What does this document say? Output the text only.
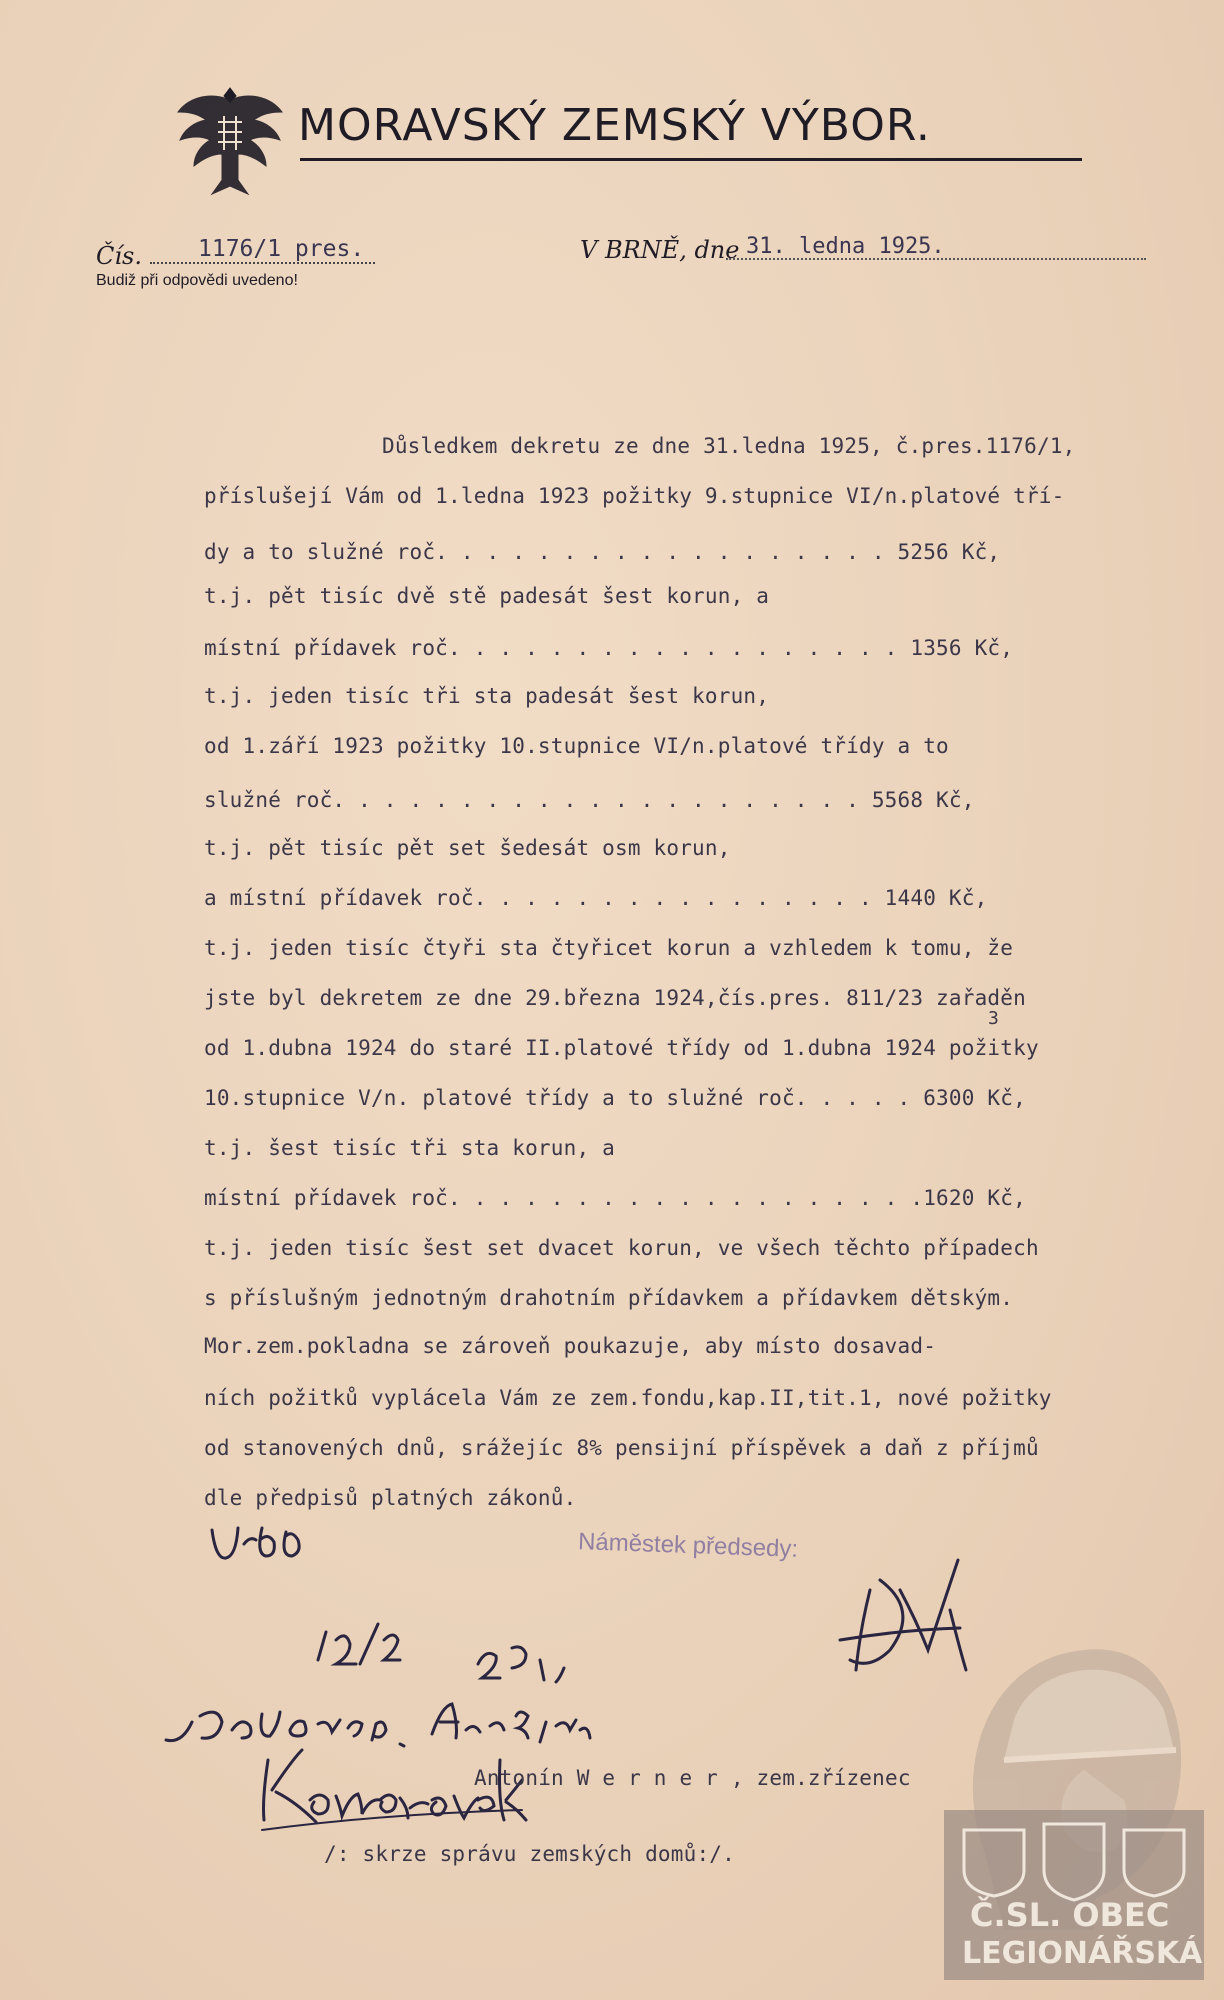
MORAVSKÝ ZEMSKÝ VÝBOR.
Čís. 1176/1 pres.
Budiž při odpovědi uvedeno!
V BRNĚ, dne 31. ledna 1925.
Důsledkem dekretu ze dne 31.ledna 1925, č.pres.1176/1,
příslušejí Vám od 1.ledna 1923 požitky 9.stupnice VI/n.platové tří-
dy a to služné roč. . . . . . . . . . . . . . . . . . 5256 Kč,
t.j. pět tisíc dvě stě padesát šest korun, a
místní přídavek roč. . . . . . . . . . . . . . . . . . 1356 Kč,
t.j. jeden tisíc tři sta padesát šest korun,
od 1.září 1923 požitky 10.stupnice VI/n.platové třídy a to
služné roč. . . . . . . . . . . . . . . . . . . . . 5568 Kč,
t.j. pět tisíc pět set šedesát osm korun,
a místní přídavek roč. . . . . . . . . . . . . . . . 1440 Kč,
t.j. jeden tisíc čtyři sta čtyřicet korun a vzhledem k tomu, že
jste byl dekretem ze dne 29.března 1924,čís.pres. 811/23 zařaděn
3
od 1.dubna 1924 do staré II.platové třídy od 1.dubna 1924 požitky
10.stupnice V/n. platové třídy a to služné roč. . . . . 6300 Kč,
t.j. šest tisíc tři sta korun, a
místní přídavek roč. . . . . . . . . . . . . . . . . . .1620 Kč,
t.j. jeden tisíc šest set dvacet korun, ve všech těchto případech
s příslušným jednotným drahotním přídavkem a přídavkem dětským.
Mor.zem.pokladna se zároveň poukazuje, aby místo dosavad-
ních požitků vyplácela Vám ze zem.fondu,kap.II,tit.1, nové požitky
od stanovených dnů, srážejíc 8% pensijní příspěvek a daň z příjmů
dle předpisů platných zákonů.
Náměstek předsedy:
Antonín W e r n e r , zem.zřízenec
/: skrze správu zemských domů:/.
Č.SL. OBEC
LEGIONÁŘSKÁ
